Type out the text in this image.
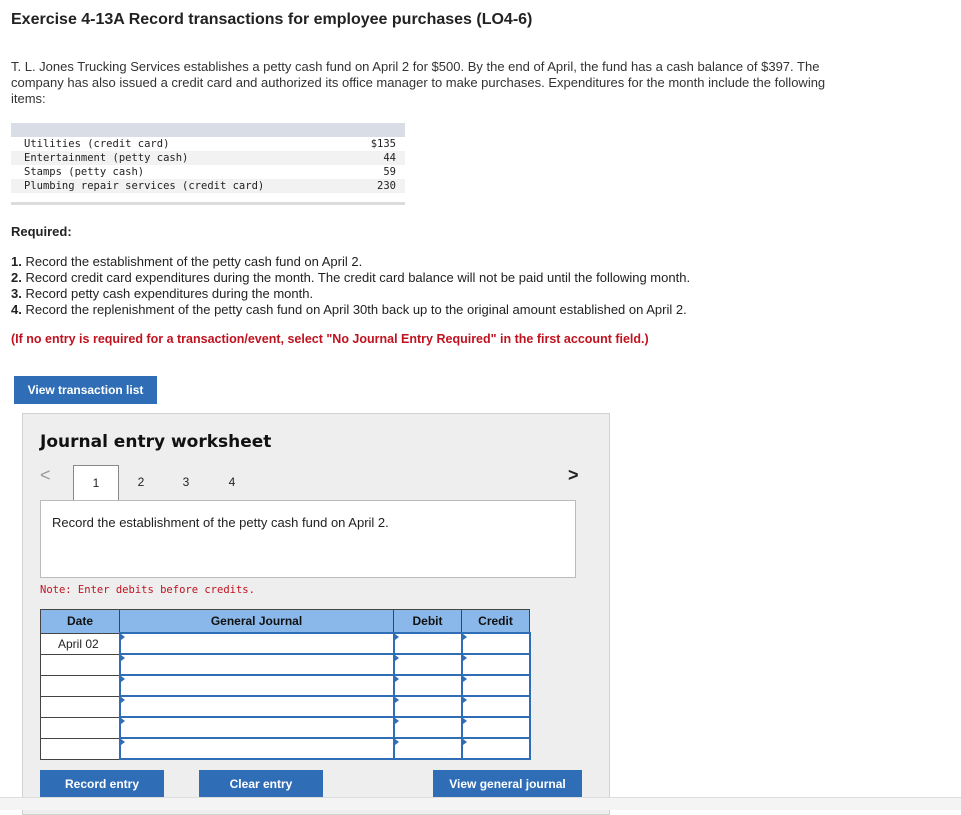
Exercise 4-13A Record transactions for employee purchases (LO4-6)
T. L. Jones Trucking Services establishes a petty cash fund on April 2 for $500. By the end of April, the fund has a cash balance of $397. The company has also issued a credit card and authorized its office manager to make purchases. Expenditures for the month include the following items:
Utilities (credit card)	$135
Entertainment (petty cash)	44
Stamps (petty cash)	59
Plumbing repair services (credit card)	230
Required:
1. Record the establishment of the petty cash fund on April 2.
2. Record credit card expenditures during the month. The credit card balance will not be paid until the following month.
3. Record petty cash expenditures during the month.
4. Record the replenishment of the petty cash fund on April 30th back up to the original amount established on April 2.
(If no entry is required for a transaction/event, select "No Journal Entry Required" in the first account field.)
View transaction list
Journal entry worksheet
<	1	2	3	4	>
Record the establishment of the petty cash fund on April 2.
Note: Enter debits before credits.
Date	General Journal	Debit	Credit
April 02			

Record entry	Clear entry	View general journal
